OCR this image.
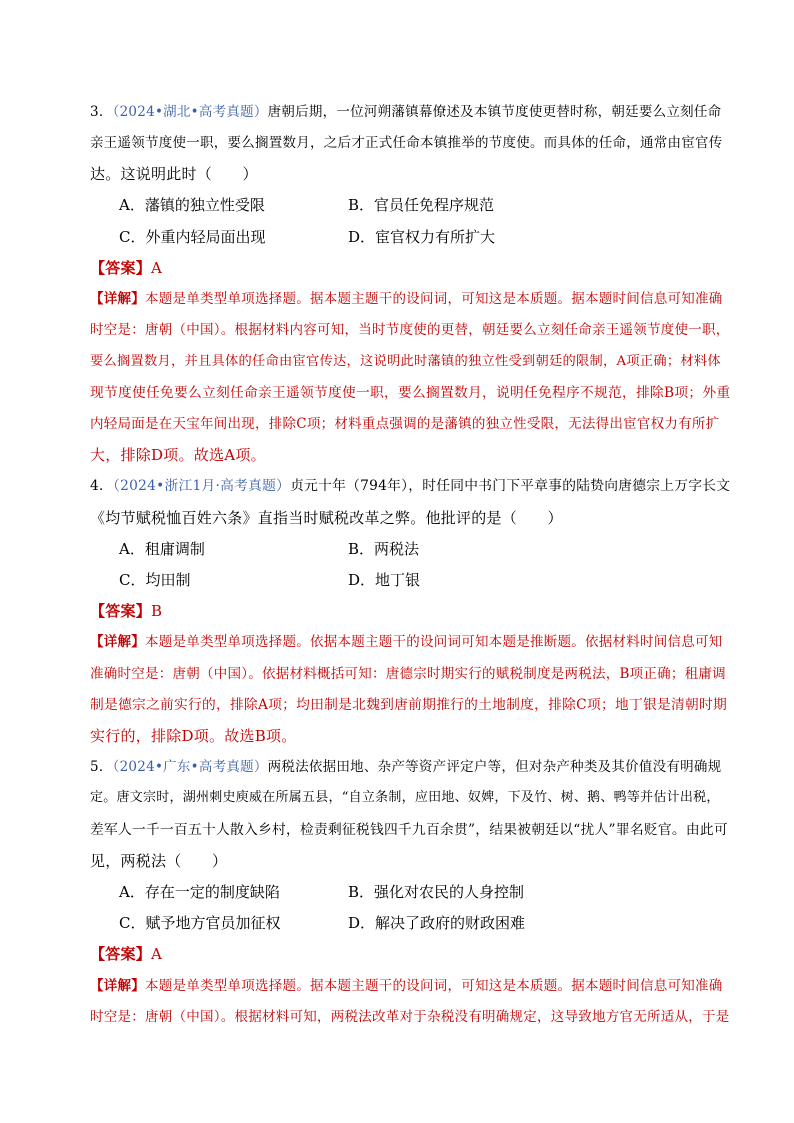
3．（2024•湖北•高考真题）唐朝后期，一位河朔藩镇幕僚述及本镇节度使更替时称，朝廷要么立刻任命
亲王遥领节度使一职，要么搁置数月，之后才正式任命本镇推举的节度使。而具体的任命，通常由宦官传
达。这说明此时（　　）
A．藩镇的独立性受限	B．官员任免程序规范
C．外重内轻局面出现	D．宦官权力有所扩大
【答案】A
【详解】本题是单类型单项选择题。据本题主题干的设问词，可知这是本质题。据本题时间信息可知准确
时空是：唐朝（中国）。根据材料内容可知，当时节度使的更替，朝廷要么立刻任命亲王遥领节度使一职，
要么搁置数月，并且具体的任命由宦官传达，这说明此时藩镇的独立性受到朝廷的限制，A项正确；材料体
现节度使任免要么立刻任命亲王遥领节度使一职，要么搁置数月，说明任免程序不规范，排除B项；外重
内轻局面是在天宝年间出现，排除C项；材料重点强调的是藩镇的独立性受限，无法得出宦官权力有所扩
大，排除D项。故选A项。
4．（2024•浙江1月·高考真题）贞元十年（794年），时任同中书门下平章事的陆贽向唐德宗上万字长文
《均节赋税恤百姓六条》直指当时赋税改革之弊。他批评的是（　　）
A．租庸调制	B．两税法
C．均田制	D．地丁银
【答案】B
【详解】本题是单类型单项选择题。依据本题主题干的设问词可知本题是推断题。依据材料时间信息可知
准确时空是：唐朝（中国）。依据材料概括可知：唐德宗时期实行的赋税制度是两税法，B项正确；租庸调
制是德宗之前实行的，排除A项；均田制是北魏到唐前期推行的土地制度，排除C项；地丁银是清朝时期
实行的，排除D项。故选B项。
5．（2024•广东•高考真题）两税法依据田地、杂产等资产评定户等，但对杂产种类及其价值没有明确规
定。唐文宗时，湖州刺史庾威在所属五县，“自立条制，应田地、奴婢，下及竹、树、鹅、鸭等并估计出税，
差军人一千一百五十人散入乡村，检责剩征税钱四千九百余贯”，结果被朝廷以“扰人”罪名贬官。由此可
见，两税法（　　）
A．存在一定的制度缺陷	B．强化对农民的人身控制
C．赋予地方官员加征权	D．解决了政府的财政困难
【答案】A
【详解】本题是单类型单项选择题。据本题主题干的设问词，可知这是本质题。据本题时间信息可知准确
时空是：唐朝（中国）。根据材料可知，两税法改革对于杂税没有明确规定，这导致地方官无所适从，于是
